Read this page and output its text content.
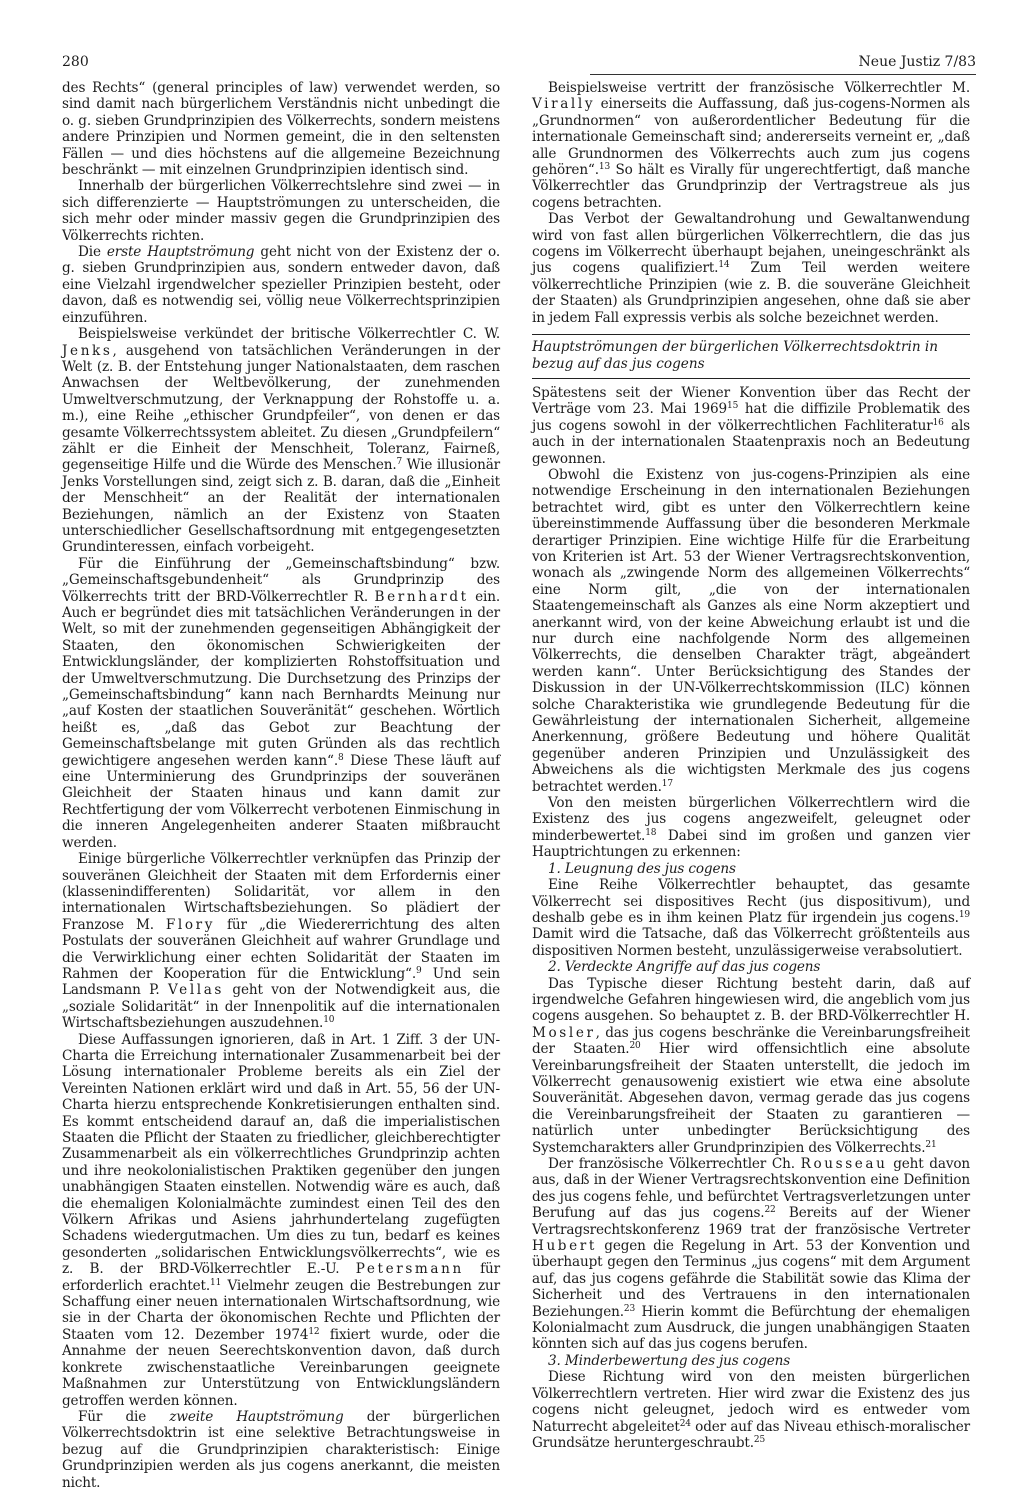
280	Neue Justiz 7/83

des Rechts“ (general principles of law) verwendet werden, so sind damit nach bürgerlichem Verständnis nicht unbedingt die o. g. sieben Grundprinzipien des Völkerrechts, sondern meistens andere Prinzipien und Normen gemeint, die in den seltensten Fällen — und dies höchstens auf die allgemeine Bezeichnung beschränkt — mit einzelnen Grundprinzipien identisch sind.

Innerhalb der bürgerlichen Völkerrechtslehre sind zwei — in sich differenzierte — Hauptströmungen zu unterscheiden, die sich mehr oder minder massiv gegen die Grundprinzipien des Völkerrechts richten.

Die erste Hauptströmung geht nicht von der Existenz der o. g. sieben Grundprinzipien aus, sondern entweder davon, daß eine Vielzahl irgendwelcher spezieller Prinzipien besteht, oder davon, daß es notwendig sei, völlig neue Völkerrechtsprinzipien einzuführen.

Beispielsweise verkündet der britische Völkerrechtler C. W. Jenks, ausgehend von tatsächlichen Veränderungen in der Welt (z. B. der Entstehung junger Nationalstaaten, dem raschen Anwachsen der Weltbevölkerung, der zunehmenden Umweltverschmutzung, der Verknappung der Rohstoffe u. a. m.), eine Reihe „ethischer Grundpfeiler“, von denen er das gesamte Völkerrechtssystem ableitet. Zu diesen „Grundpfeilern“ zählt er die Einheit der Menschheit, Toleranz, Fairneß, gegenseitige Hilfe und die Würde des Menschen.$^7$ Wie illusionär Jenks Vorstellungen sind, zeigt sich z. B. daran, daß die „Einheit der Menschheit“ an der Realität der internationalen Beziehungen, nämlich an der Existenz von Staaten unterschiedlicher Gesellschaftsordnung mit entgegengesetzten Grundinteressen, einfach vorbeigeht.

Für die Einführung der „Gemeinschaftsbindung“ bzw. „Gemeinschaftsgebundenheit“ als Grundprinzip des Völkerrechts tritt der BRD-Völkerrechtler R. Bernhardt ein. Auch er begründet dies mit tatsächlichen Veränderungen in der Welt, so mit der zunehmenden gegenseitigen Abhängigkeit der Staaten, den ökonomischen Schwierigkeiten der Entwicklungsländer, der komplizierten Rohstoffsituation und der Umweltverschmutzung. Die Durchsetzung des Prinzips der „Gemeinschaftsbindung“ kann nach Bernhardts Meinung nur „auf Kosten der staatlichen Souveränität“ geschehen. Wörtlich heißt es, „daß das Gebot zur Beachtung der Gemeinschaftsbelange mit guten Gründen als das rechtlich gewichtigere angesehen werden kann“.$^8$ Diese These läuft auf eine Unterminierung des Grundprinzips der souveränen Gleichheit der Staaten hinaus und kann damit zur Rechtfertigung der vom Völkerrecht verbotenen Einmischung in die inneren Angelegenheiten anderer Staaten mißbraucht werden.

Einige bürgerliche Völkerrechtler verknüpfen das Prinzip der souveränen Gleichheit der Staaten mit dem Erfordernis einer (klassenindifferenten) Solidarität, vor allem in den internationalen Wirtschaftsbeziehungen. So plädiert der Franzose M. Flory für „die Wiedererrichtung des alten Postulats der souveränen Gleichheit auf wahrer Grundlage und die Verwirklichung einer echten Solidarität der Staaten im Rahmen der Kooperation für die Entwicklung“.$^9$ Und sein Landsmann P. Vellas geht von der Notwendigkeit aus, die „soziale Solidarität“ in der Innenpolitik auf die internationalen Wirtschaftsbeziehungen auszudehnen.$^{10}$

Diese Auffassungen ignorieren, daß in Art. 1 Ziff. 3 der UN-Charta die Erreichung internationaler Zusammenarbeit bei der Lösung internationaler Probleme bereits als ein Ziel der Vereinten Nationen erklärt wird und daß in Art. 55, 56 der UN-Charta hierzu entsprechende Konkretisierungen enthalten sind. Es kommt entscheidend darauf an, daß die imperialistischen Staaten die Pflicht der Staaten zu friedlicher, gleichberechtigter Zusammenarbeit als ein völkerrechtliches Grundprinzip achten und ihre neokolonialistischen Praktiken gegenüber den jungen unabhängigen Staaten einstellen. Notwendig wäre es auch, daß die ehemaligen Kolonialmächte zumindest einen Teil des den Völkern Afrikas und Asiens jahrhundertelang zugefügten Schadens wiedergutmachen. Um dies zu tun, bedarf es keines gesonderten „solidarischen Entwicklungsvölkerrechts“, wie es z. B. der BRD-Völkerrechtler E.-U. Petersmann für erforderlich erachtet.$^{11}$ Vielmehr zeugen die Bestrebungen zur Schaffung einer neuen internationalen Wirtschaftsordnung, wie sie in der Charta der ökonomischen Rechte und Pflichten der Staaten vom 12. Dezember 1974$^{12}$ fixiert wurde, oder die Annahme der neuen Seerechtskonvention davon, daß durch konkrete zwischenstaatliche Vereinbarungen geeignete Maßnahmen zur Unterstützung von Entwicklungsländern getroffen werden können.

Für die zweite Hauptströmung der bürgerlichen Völkerrechtsdoktrin ist eine selektive Betrachtungsweise in bezug auf die Grundprinzipien charakteristisch: Einige Grundprinzipien werden als jus cogens anerkannt, die meisten nicht.

Beispielsweise vertritt der französische Völkerrechtler M. Virally einerseits die Auffassung, daß jus-cogens-Normen als „Grundnormen“ von außerordentlicher Bedeutung für die internationale Gemeinschaft sind; andererseits verneint er, „daß alle Grundnormen des Völkerrechts auch zum jus cogens gehören“.$^{13}$ So hält es Virally für ungerechtfertigt, daß manche Völkerrechtler das Grundprinzip der Vertragstreue als jus cogens betrachten.

Das Verbot der Gewaltandrohung und Gewaltanwendung wird von fast allen bürgerlichen Völkerrechtlern, die das jus cogens im Völkerrecht überhaupt bejahen, uneingeschränkt als jus cogens qualifiziert.$^{14}$ Zum Teil werden weitere völkerrechtliche Prinzipien (wie z. B. die souveräne Gleichheit der Staaten) als Grundprinzipien angesehen, ohne daß sie aber in jedem Fall expressis verbis als solche bezeichnet werden.

Hauptströmungen der bürgerlichen Völkerrechtsdoktrin in bezug auf das jus cogens

Spätestens seit der Wiener Konvention über das Recht der Verträge vom 23. Mai 1969$^{15}$ hat die diffizile Problematik des jus cogens sowohl in der völkerrechtlichen Fachliteratur$^{16}$ als auch in der internationalen Staatenpraxis noch an Bedeutung gewonnen.

Obwohl die Existenz von jus-cogens-Prinzipien als eine notwendige Erscheinung in den internationalen Beziehungen betrachtet wird, gibt es unter den Völkerrechtlern keine übereinstimmende Auffassung über die besonderen Merkmale derartiger Prinzipien. Eine wichtige Hilfe für die Erarbeitung von Kriterien ist Art. 53 der Wiener Vertragsrechtskonvention, wonach als „zwingende Norm des allgemeinen Völkerrechts“ eine Norm gilt, „die von der internationalen Staatengemeinschaft als Ganzes als eine Norm akzeptiert und anerkannt wird, von der keine Abweichung erlaubt ist und die nur durch eine nachfolgende Norm des allgemeinen Völkerrechts, die denselben Charakter trägt, abgeändert werden kann“. Unter Berücksichtigung des Standes der Diskussion in der UN-Völkerrechtskommission (ILC) können solche Charakteristika wie grundlegende Bedeutung für die Gewährleistung der internationalen Sicherheit, allgemeine Anerkennung, größere Bedeutung und höhere Qualität gegenüber anderen Prinzipien und Unzulässigkeit des Abweichens als die wichtigsten Merkmale des jus cogens betrachtet werden.$^{17}$

Von den meisten bürgerlichen Völkerrechtlern wird die Existenz des jus cogens angezweifelt, geleugnet oder minderbewertet.$^{18}$ Dabei sind im großen und ganzen vier Hauptrichtungen zu erkennen:

1. Leugnung des jus cogens

Eine Reihe Völkerrechtler behauptet, das gesamte Völkerrecht sei dispositives Recht (jus dispositivum), und deshalb gebe es in ihm keinen Platz für irgendein jus cogens.$^{19}$ Damit wird die Tatsache, daß das Völkerrecht größtenteils aus dispositiven Normen besteht, unzulässigerweise verabsolutiert.

2. Verdeckte Angriffe auf das jus cogens

Das Typische dieser Richtung besteht darin, daß auf irgendwelche Gefahren hingewiesen wird, die angeblich vom jus cogens ausgehen. So behauptet z. B. der BRD-Völkerrechtler H. Mosler, das jus cogens beschränke die Vereinbarungsfreiheit der Staaten.$^{20}$ Hier wird offensichtlich eine absolute Vereinbarungsfreiheit der Staaten unterstellt, die jedoch im Völkerrecht genausowenig existiert wie etwa eine absolute Souveränität. Abgesehen davon, vermag gerade das jus cogens die Vereinbarungsfreiheit der Staaten zu garantieren — natürlich unter unbedingter Berücksichtigung des Systemcharakters aller Grundprinzipien des Völkerrechts.$^{21}$

Der französische Völkerrechtler Ch. Rousseau geht davon aus, daß in der Wiener Vertragsrechtskonvention eine Definition des jus cogens fehle, und befürchtet Vertragsverletzungen unter Berufung auf das jus cogens.$^{22}$ Bereits auf der Wiener Vertragsrechtskonferenz 1969 trat der französische Vertreter Hubert gegen die Regelung in Art. 53 der Konvention und überhaupt gegen den Terminus „jus cogens“ mit dem Argument auf, das jus cogens gefährde die Stabilität sowie das Klima der Sicherheit und des Vertrauens in den internationalen Beziehungen.$^{23}$ Hierin kommt die Befürchtung der ehemaligen Kolonialmacht zum Ausdruck, die jungen unabhängigen Staaten könnten sich auf das jus cogens berufen.

3. Minderbewertung des jus cogens

Diese Richtung wird von den meisten bürgerlichen Völkerrechtlern vertreten. Hier wird zwar die Existenz des jus cogens nicht geleugnet, jedoch wird es entweder vom Naturrecht abgeleitet$^{24}$ oder auf das Niveau ethisch-moralischer Grundsätze heruntergeschraubt.$^{25}$
